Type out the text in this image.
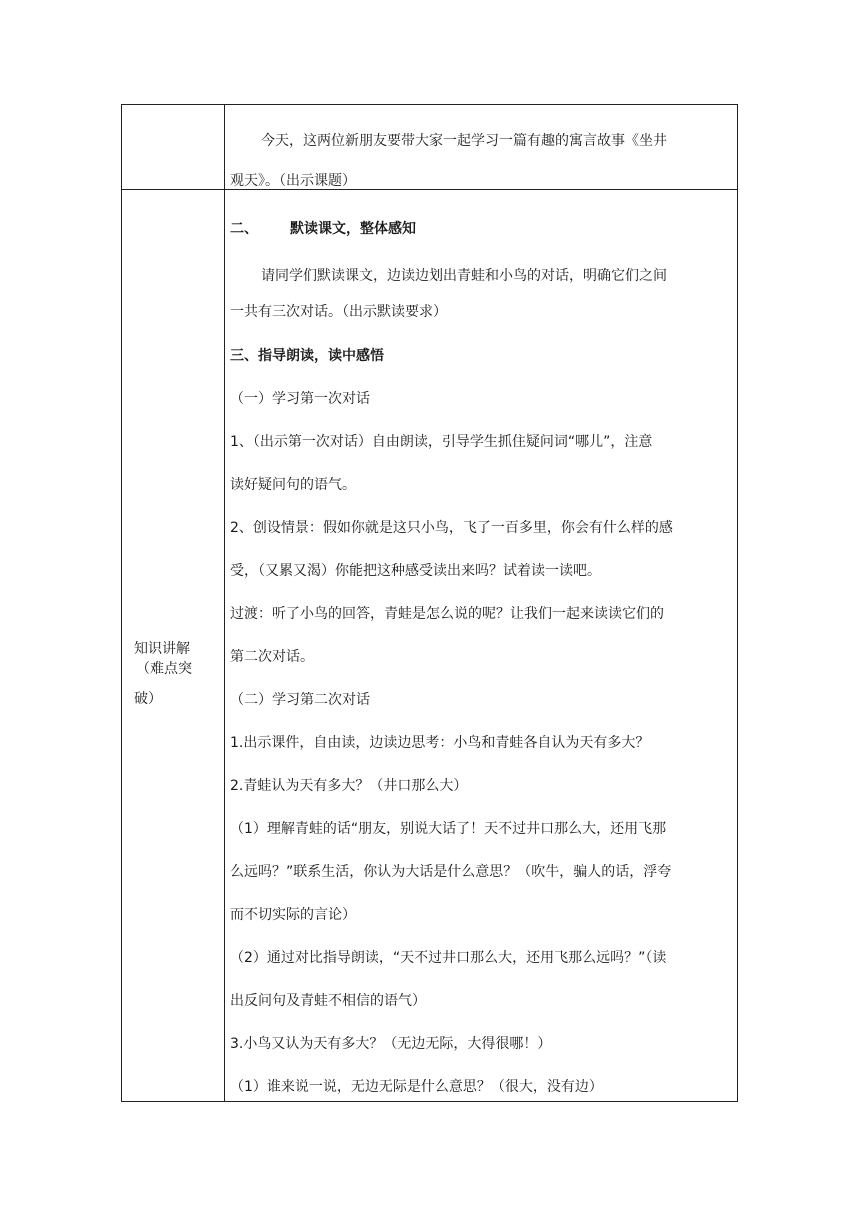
今天，这两位新朋友要带大家一起学习一篇有趣的寓言故事《坐井
观天》。（出示课题）
知识讲解
（难点突
破）
二、 默读课文，整体感知
请同学们默读课文，边读边划出青蛙和小鸟的对话，明确它们之间
一共有三次对话。（出示默读要求）
三、指导朗读，读中感悟
（一）学习第一次对话
1、（出示第一次对话）自由朗读，引导学生抓住疑问词“哪儿”，注意
读好疑问句的语气。
2、创设情景：假如你就是这只小鸟，飞了一百多里，你会有什么样的感
受，（又累又渴）你能把这种感受读出来吗？试着读一读吧。
过渡：听了小鸟的回答，青蛙是怎么说的呢？让我们一起来读读它们的
第二次对话。
（二）学习第二次对话
1.出示课件，自由读，边读边思考：小鸟和青蛙各自认为天有多大？
2.青蛙认为天有多大？（井口那么大）
（1）理解青蛙的话“朋友，别说大话了！天不过井口那么大，还用飞那
么远吗？”联系生活，你认为大话是什么意思？（吹牛，骗人的话，浮夸
而不切实际的言论）
（2）通过对比指导朗读，“天不过井口那么大，还用飞那么远吗？”（读
出反问句及青蛙不相信的语气）
3.小鸟又认为天有多大？（无边无际，大得很哪！）
（1）谁来说一说，无边无际是什么意思？（很大，没有边）
